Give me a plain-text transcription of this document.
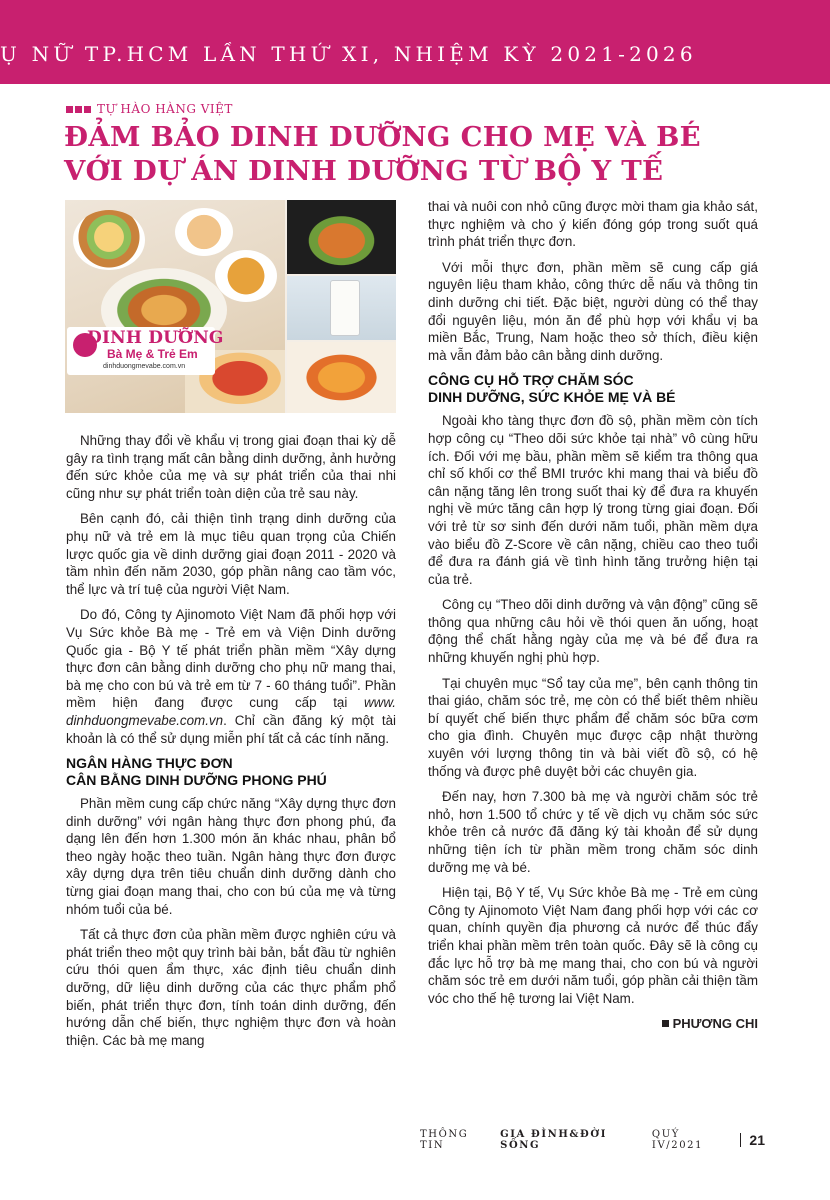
Ụ NỮ TP.HCM LẦN THỨ XI, NHIỆM KỲ 2021-2026
TỰ HÀO HÀNG VIỆT
ĐẢM BẢO DINH DƯỠNG CHO MẸ VÀ BÉ
VỚI DỰ ÁN DINH DƯỠNG TỪ BỘ Y TẾ
DINH DƯỠNG
Bà Mẹ & Trẻ Em
dinhduongmevabe.com.vn

Những thay đổi về khẩu vị trong giai đoạn thai kỳ dễ gây ra tình trạng mất cân bằng dinh dưỡng, ảnh hưởng đến sức khỏe của mẹ và sự phát triển của thai nhi cũng như sự phát triển toàn diện của trẻ sau này.

Bên cạnh đó, cải thiện tình trạng dinh dưỡng của phụ nữ và trẻ em là mục tiêu quan trọng của Chiến lược quốc gia về dinh dưỡng giai đoạn 2011 - 2020 và tầm nhìn đến năm 2030, góp phần nâng cao tầm vóc, thể lực và trí tuệ của người Việt Nam.

Do đó, Công ty Ajinomoto Việt Nam đã phối hợp với Vụ Sức khỏe Bà mẹ - Trẻ em và Viện Dinh dưỡng Quốc gia - Bộ Y tế phát triển phần mềm “Xây dựng thực đơn cân bằng dinh dưỡng cho phụ nữ mang thai, bà mẹ cho con bú và trẻ em từ 7 - 60 tháng tuổi”. Phần mềm hiện đang được cung cấp tại www. dinhduongmevabe.com.vn. Chỉ cần đăng ký một tài khoản là có thể sử dụng miễn phí tất cả các tính năng.

NGÂN HÀNG THỰC ĐƠN
CÂN BẰNG DINH DƯỠNG PHONG PHÚ

Phần mềm cung cấp chức năng “Xây dựng thực đơn dinh dưỡng” với ngân hàng thực đơn phong phú, đa dạng lên đến hơn 1.300 món ăn khác nhau, phân bổ theo ngày hoặc theo tuần. Ngân hàng thực đơn được xây dựng dựa trên tiêu chuẩn dinh dưỡng dành cho từng giai đoạn mang thai, cho con bú của mẹ và từng nhóm tuổi của bé.

Tất cả thực đơn của phần mềm được nghiên cứu và phát triển theo một quy trình bài bản, bắt đầu từ nghiên cứu thói quen ẩm thực, xác định tiêu chuẩn dinh dưỡng, dữ liệu dinh dưỡng của các thực phẩm phổ biến, phát triển thực đơn, tính toán dinh dưỡng, đến hướng dẫn chế biến, thực nghiệm thực đơn và hoàn thiện. Các bà mẹ mang

thai và nuôi con nhỏ cũng được mời tham gia khảo sát, thực nghiệm và cho ý kiến đóng góp trong suốt quá trình phát triển thực đơn.

Với mỗi thực đơn, phần mềm sẽ cung cấp giá nguyên liệu tham khảo, công thức dễ nấu và thông tin dinh dưỡng chi tiết. Đặc biệt, người dùng có thể thay đổi nguyên liệu, món ăn để phù hợp với khẩu vị ba miền Bắc, Trung, Nam hoặc theo sở thích, điều kiện mà vẫn đảm bảo cân bằng dinh dưỡng.

CÔNG CỤ HỖ TRỢ CHĂM SÓC
DINH DƯỠNG, SỨC KHỎE MẸ VÀ BÉ

Ngoài kho tàng thực đơn đồ sộ, phần mềm còn tích hợp công cụ “Theo dõi sức khỏe tại nhà” vô cùng hữu ích. Đối với mẹ bầu, phần mềm sẽ kiểm tra thông qua chỉ số khối cơ thể BMI trước khi mang thai và biểu đồ cân nặng tăng lên trong suốt thai kỳ để đưa ra khuyến nghị về mức tăng cân hợp lý trong từng giai đoạn. Đối với trẻ từ sơ sinh đến dưới năm tuổi, phần mềm dựa vào biểu đồ Z-Score về cân nặng, chiều cao theo tuổi để đưa ra đánh giá về tình hình tăng trưởng hiện tại của trẻ.

Công cụ “Theo dõi dinh dưỡng và vận động” cũng sẽ thông qua những câu hỏi về thói quen ăn uống, hoạt động thể chất hằng ngày của mẹ và bé để đưa ra những khuyến nghị phù hợp.

Tại chuyên mục “Sổ tay của mẹ”, bên cạnh thông tin thai giáo, chăm sóc trẻ, mẹ còn có thể biết thêm nhiều bí quyết chế biến thực phẩm để chăm sóc bữa cơm cho gia đình. Chuyên mục được cập nhật thường xuyên với lượng thông tin và bài viết đồ sộ, có hệ thống và được phê duyệt bởi các chuyên gia.

Đến nay, hơn 7.300 bà mẹ và người chăm sóc trẻ nhỏ, hơn 1.500 tổ chức y tế về dịch vụ chăm sóc sức khỏe trên cả nước đã đăng ký tài khoản để sử dụng những tiện ích từ phần mềm trong chăm sóc dinh dưỡng mẹ và bé.

Hiện tại, Bộ Y tế, Vụ Sức khỏe Bà mẹ - Trẻ em cùng Công ty Ajinomoto Việt Nam đang phối hợp với các cơ quan, chính quyền địa phương cả nước để thúc đẩy triển khai phần mềm trên toàn quốc. Đây sẽ là công cụ đắc lực hỗ trợ bà mẹ mang thai, cho con bú và người chăm sóc trẻ em dưới năm tuổi, góp phần cải thiện tầm vóc cho thế hệ tương lai Việt Nam.

PHƯƠNG CHI
THÔNG TIN
GIA ĐÌNH&ĐỜI SỐNG
QUÝ IV/2021	21
